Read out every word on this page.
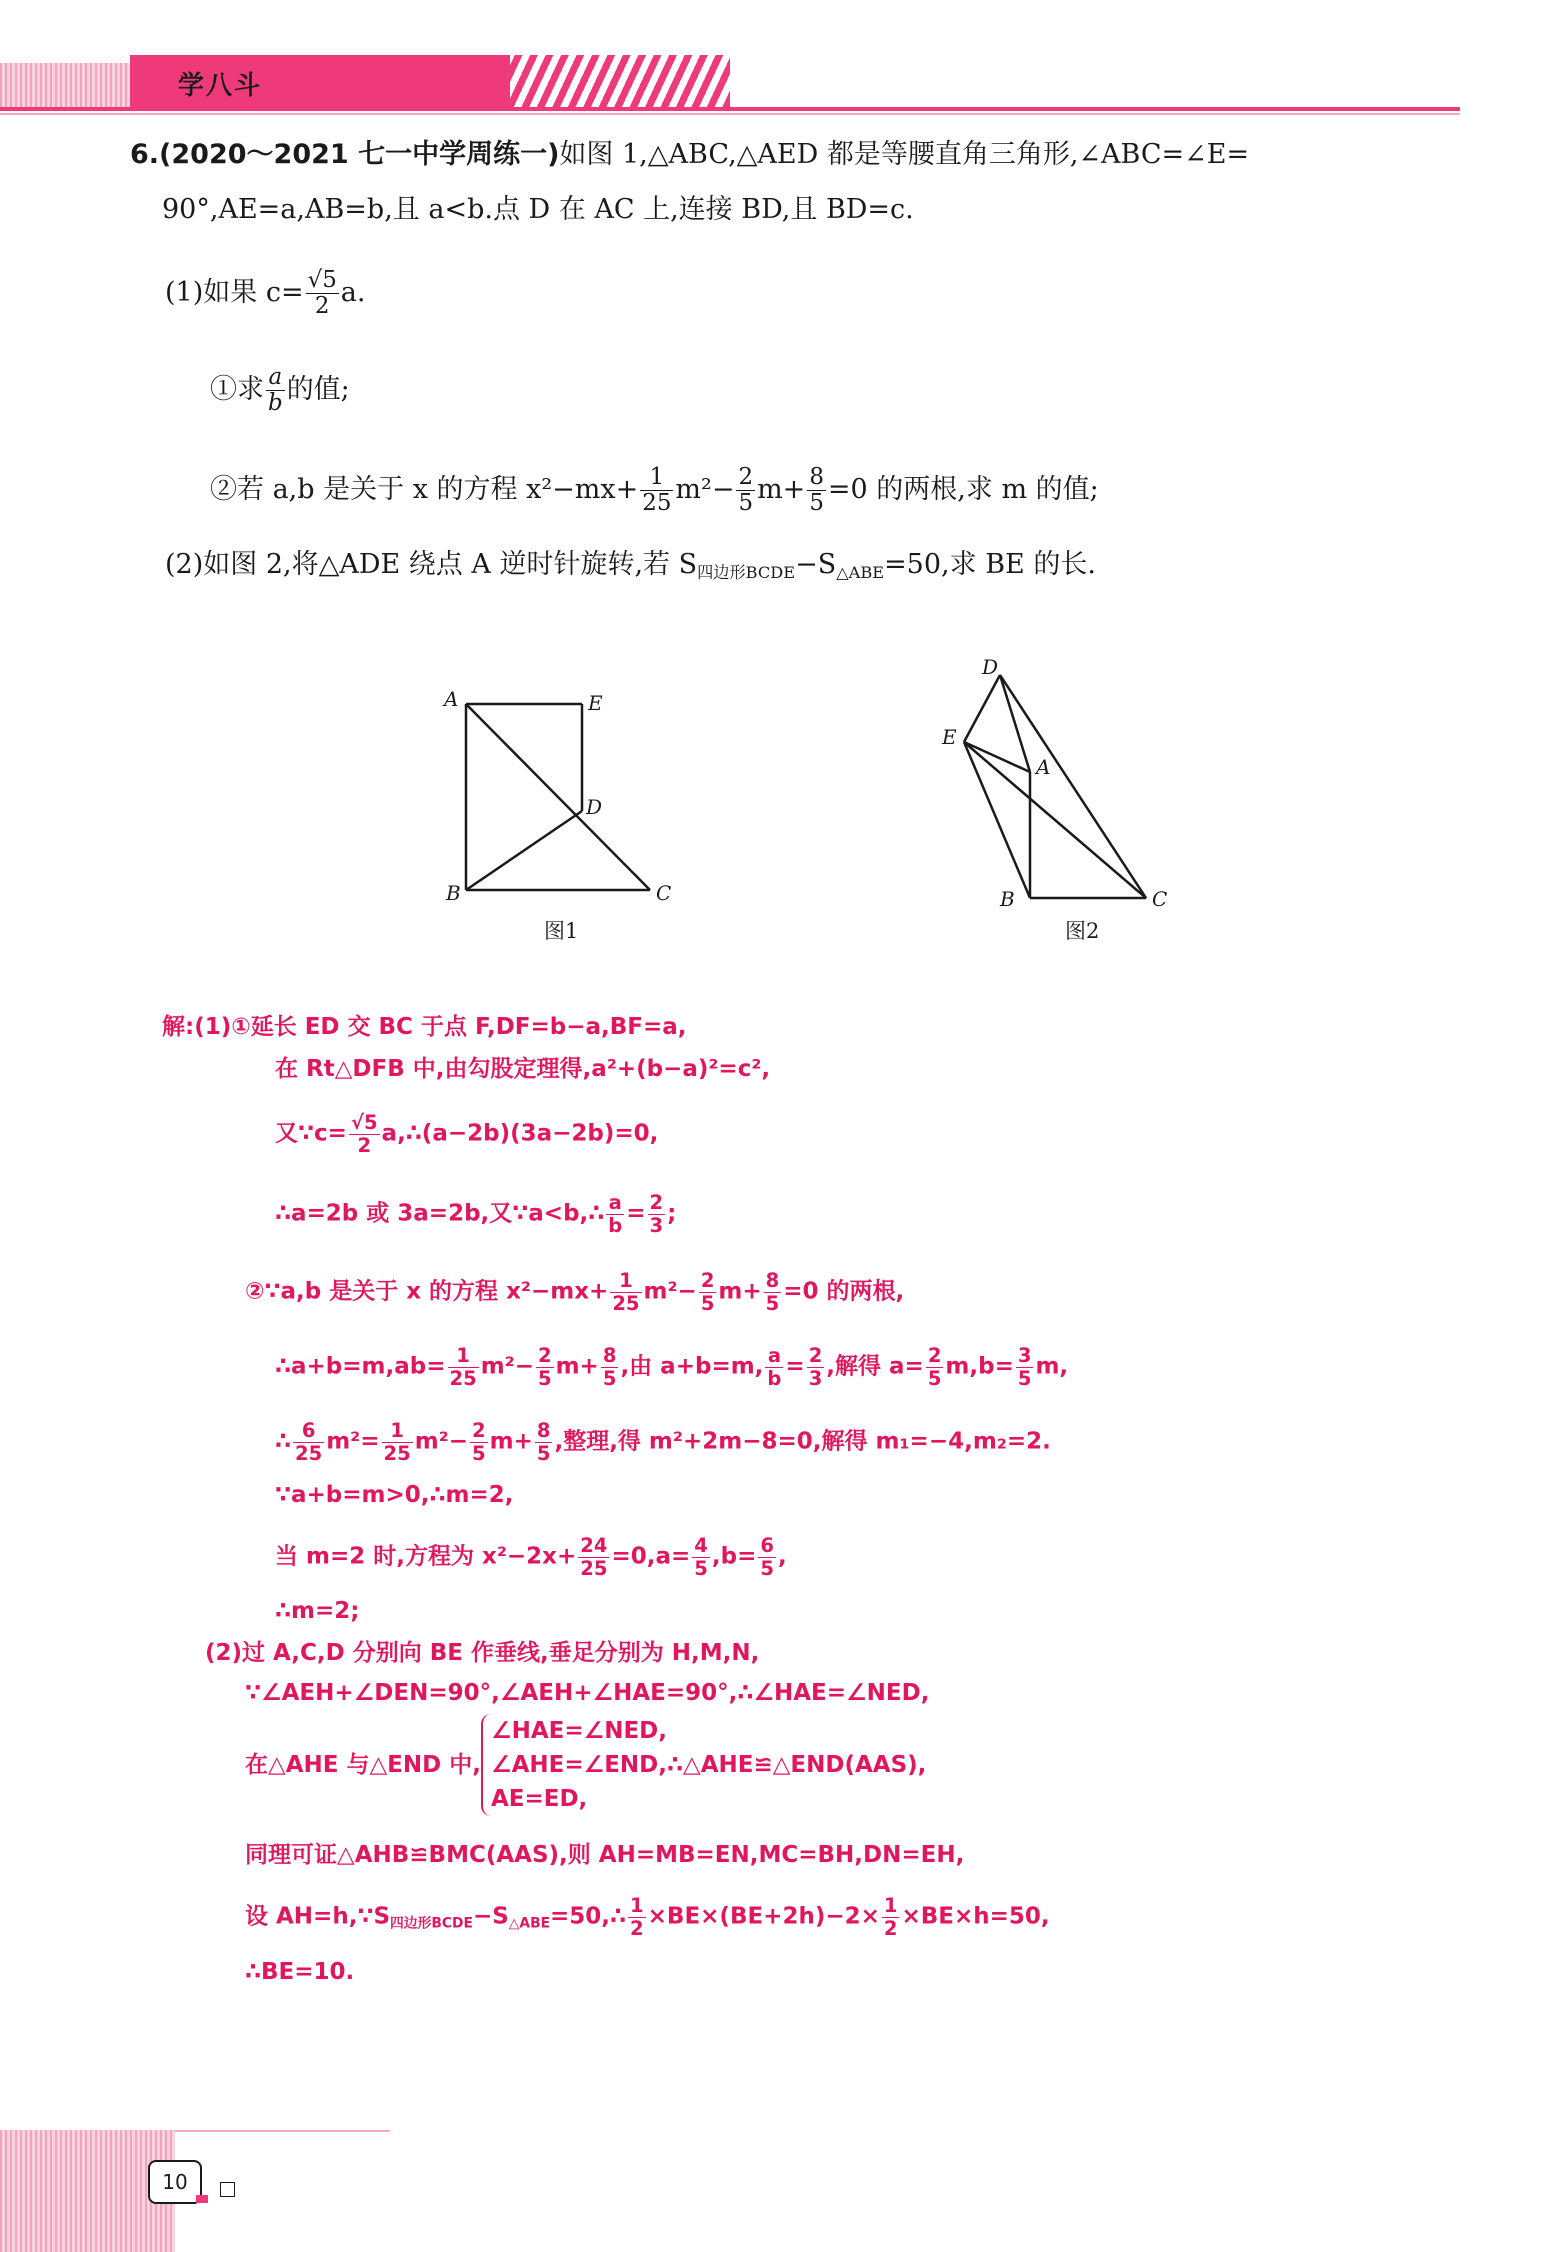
学八斗
6.(2020～2021 七一中学周练一)如图 1,△ABC,△AED 都是等腰直角三角形,∠ABC=∠E=
90°,AE=a,AB=b,且 a<b.点 D 在 AC 上,连接 BD,且 BD=c.
(1)如果 $c= \frac{√5}{2} a$.
①求 $\frac{a}{b}$ 的值;
②若 a,b 是关于 x 的方程 $x^2-mx+ \frac{1}{25} m^2- \frac{2}{5} m+ \frac{8}{5} =0$ 的两根,求 m 的值;
(2)如图 2,将△ADE 绕点 A 逆时针旋转,若 $S_{四边形BCDE}-S_{\triangle ABE}=50$,求 BE 的长.
A	E
D
B	C
图1
D
E
A
B	C
图2
解:(1)①延长 ED 交 BC 于点 F,DF=b−a,BF=a,
在 Rt△DFB 中,由勾股定理得,a²+(b−a)²=c²,
又∵c= $\frac{√5}{2}$ a,∴(a−2b)(3a−2b)=0,
∴a=2b 或 3a=2b,又∵a<b,∴ $\frac{a}{b} = \frac{2}{3}$ ;
②∵a,b 是关于 x 的方程 $x^2-mx+ \frac{1}{25} m^2- \frac{2}{5} m+ \frac{8}{5} =0$ 的两根,
∴a+b=m,ab= $\frac{1}{25} m^2- \frac{2}{5} m+ \frac{8}{5}$ ,由 a+b=m, $\frac{a}{b} = \frac{2}{3}$ ,解得 $a= \frac{2}{5} m,b= \frac{3}{5} m$,
∴ $\frac{6}{25} m^2= \frac{1}{25} m^2- \frac{2}{5} m+ \frac{8}{5}$ ,整理,得 m²+2m−8=0,解得 m₁=−4,m₂=2.
∵a+b=m>0,∴m=2,
当 m=2 时,方程为 $x^2-2x+ \frac{24}{25} =0,a= \frac{4}{5} ,b= \frac{6}{5}$ ,
∴m=2;
(2)过 A,C,D 分别向 BE 作垂线,垂足分别为 H,M,N,
∵∠AEH+∠DEN=90°,∠AEH+∠HAE=90°,∴∠HAE=∠NED,
在△AHE 与△END 中,
∠HAE=∠NED,
∠AHE=∠END,∴△AHE≌△END(AAS),
AE=ED,
同理可证△AHB≌BMC(AAS),则 AH=MB=EN,MC=BH,DN=EH,
设 $AH=h,\because S_{四边形BCDE}-S_{\triangle ABE}=50,\therefore \frac{1}{2} \times BE\times(BE+2h)-2\times \frac{1}{2} \times BE\times h=50$,
∴BE=10.
10
